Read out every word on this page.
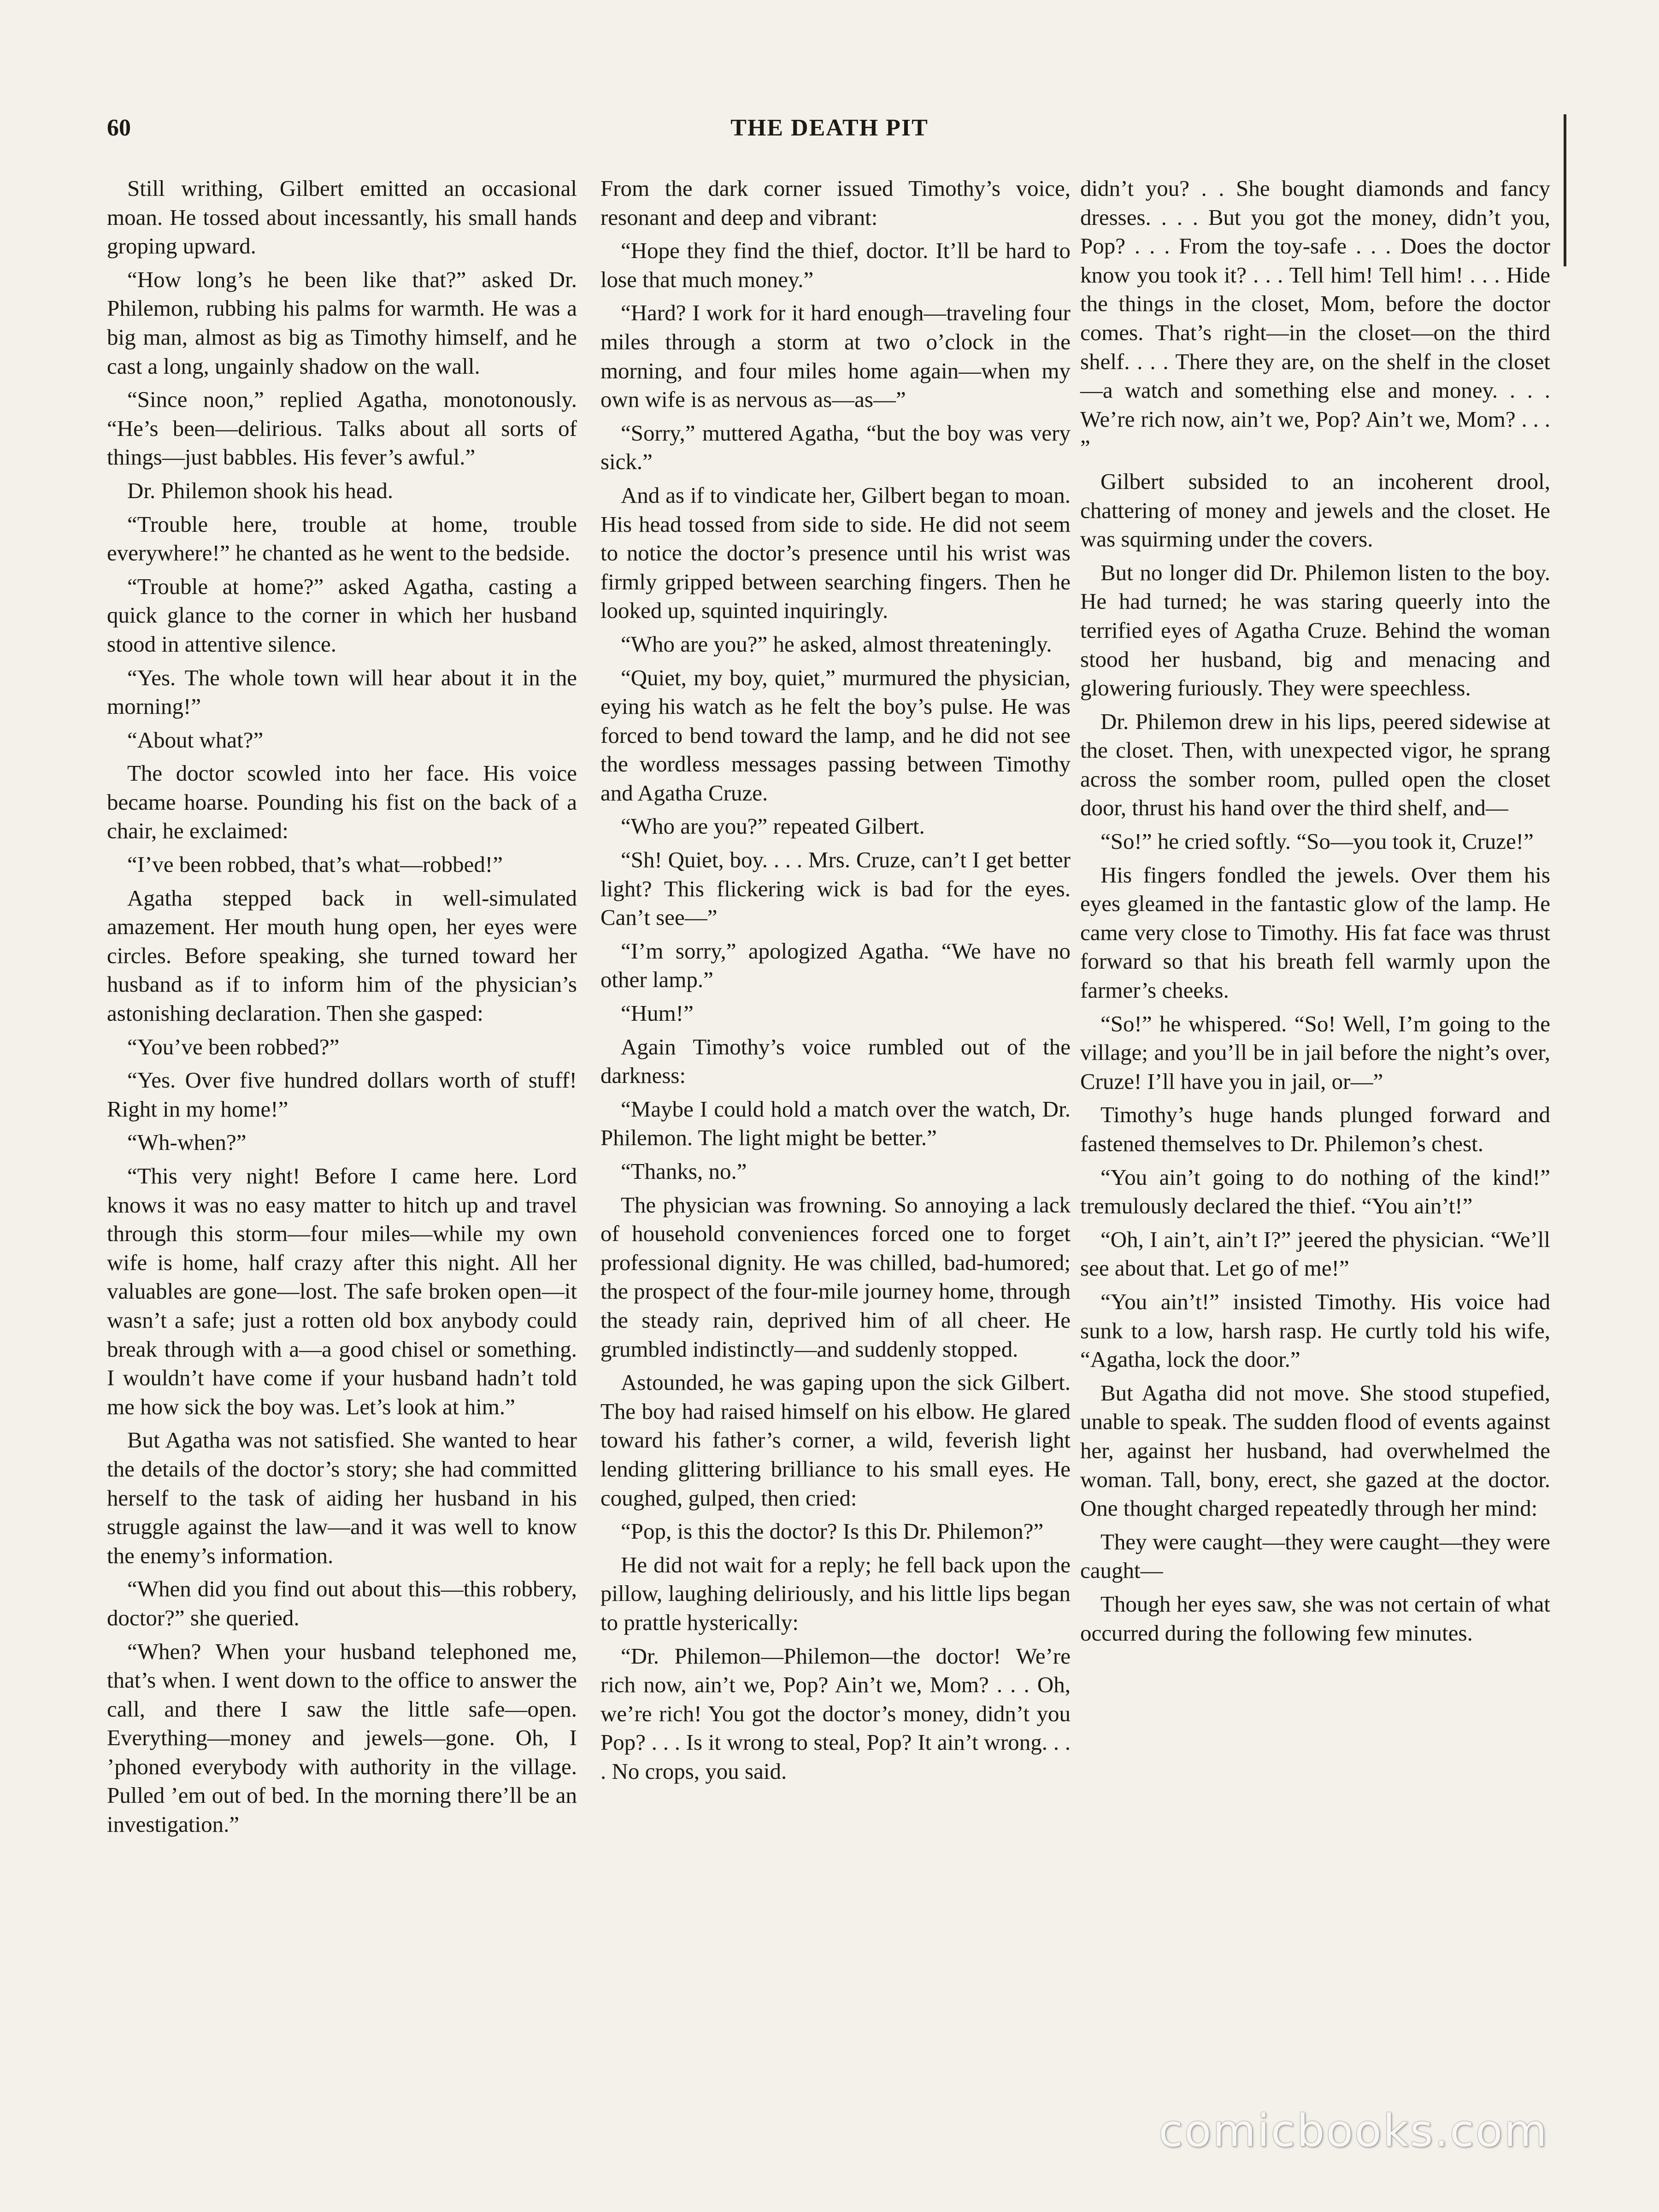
60	THE DEATH PIT

Still writhing, Gilbert emitted an occasional moan. He tossed about incessantly, his small hands groping upward.

“How long’s he been like that?” asked Dr. Philemon, rubbing his palms for warmth. He was a big man, almost as big as Timothy himself, and he cast a long, ungainly shadow on the wall.

“Since noon,” replied Agatha, monotonously. “He’s been—delirious. Talks about all sorts of things—just babbles. His fever’s awful.”

Dr. Philemon shook his head.

“Trouble here, trouble at home, trouble everywhere!” he chanted as he went to the bedside.

“Trouble at home?” asked Agatha, casting a quick glance to the corner in which her husband stood in attentive silence.

“Yes. The whole town will hear about it in the morning!”

“About what?”

The doctor scowled into her face. His voice became hoarse. Pounding his fist on the back of a chair, he exclaimed:

“I’ve been robbed, that’s what—robbed!”

Agatha stepped back in well-simulated amazement. Her mouth hung open, her eyes were circles. Before speaking, she turned toward her husband as if to inform him of the physician’s astonishing declaration. Then she gasped:

“You’ve been robbed?”

“Yes. Over five hundred dollars worth of stuff! Right in my home!”

“Wh-when?”

“This very night! Before I came here. Lord knows it was no easy matter to hitch up and travel through this storm—four miles—while my own wife is home, half crazy after this night. All her valuables are gone—lost. The safe broken open—it wasn’t a safe; just a rotten old box anybody could break through with a—a good chisel or something. I wouldn’t have come if your husband hadn’t told me how sick the boy was. Let’s look at him.”

But Agatha was not satisfied. She wanted to hear the details of the doctor’s story; she had committed herself to the task of aiding her husband in his struggle against the law—and it was well to know the enemy’s information.

“When did you find out about this—this robbery, doctor?” she queried.

“When? When your husband telephoned me, that’s when. I went down to the office to answer the call, and there I saw the little safe—open. Everything—money and jewels—gone. Oh, I ’phoned everybody with authority in the village. Pulled ’em out of bed. In the morning there’ll be an investigation.”

From the dark corner issued Timothy’s voice, resonant and deep and vibrant:

“Hope they find the thief, doctor. It’ll be hard to lose that much money.”

“Hard? I work for it hard enough—traveling four miles through a storm at two o’clock in the morning, and four miles home again—when my own wife is as nervous as—as—”

“Sorry,” muttered Agatha, “but the boy was very sick.”

And as if to vindicate her, Gilbert began to moan. His head tossed from side to side. He did not seem to notice the doctor’s presence until his wrist was firmly gripped between searching fingers. Then he looked up, squinted inquiringly.

“Who are you?” he asked, almost threateningly.

“Quiet, my boy, quiet,” murmured the physician, eying his watch as he felt the boy’s pulse. He was forced to bend toward the lamp, and he did not see the wordless messages passing between Timothy and Agatha Cruze.

“Who are you?” repeated Gilbert.

“Sh! Quiet, boy. . . . Mrs. Cruze, can’t I get better light? This flickering wick is bad for the eyes. Can’t see—”

“I’m sorry,” apologized Agatha. “We have no other lamp.”

“Hum!”

Again Timothy’s voice rumbled out of the darkness:

“Maybe I could hold a match over the watch, Dr. Philemon. The light might be better.”

“Thanks, no.”

The physician was frowning. So annoying a lack of household conveniences forced one to forget professional dignity. He was chilled, bad-humored; the prospect of the four-mile journey home, through the steady rain, deprived him of all cheer. He grumbled indistinctly—and suddenly stopped.

Astounded, he was gaping upon the sick Gilbert. The boy had raised himself on his elbow. He glared toward his father’s corner, a wild, feverish light lending glittering brilliance to his small eyes. He coughed, gulped, then cried:

“Pop, is this the doctor? Is this Dr. Philemon?”

He did not wait for a reply; he fell back upon the pillow, laughing deliriously, and his little lips began to prattle hysterically:

“Dr. Philemon—Philemon—the doctor! We’re rich now, ain’t we, Pop? Ain’t we, Mom? . . . Oh, we’re rich! You got the doctor’s money, didn’t you Pop? . . . Is it wrong to steal, Pop? It ain’t wrong. . . . No crops, you said.

didn’t you? . . She bought diamonds and fancy dresses. . . . But you got the money, didn’t you, Pop? . . . From the toy-safe . . . Does the doctor know you took it? . . . Tell him! Tell him! . . . Hide the things in the closet, Mom, before the doctor comes. That’s right—in the closet—on the third shelf. . . . There they are, on the shelf in the closet—a watch and something else and money. . . . We’re rich now, ain’t we, Pop? Ain’t we, Mom? . . . ”

Gilbert subsided to an incoherent drool, chattering of money and jewels and the closet. He was squirming under the covers.

But no longer did Dr. Philemon listen to the boy. He had turned; he was staring queerly into the terrified eyes of Agatha Cruze. Behind the woman stood her husband, big and menacing and glowering furiously. They were speechless.

Dr. Philemon drew in his lips, peered sidewise at the closet. Then, with unexpected vigor, he sprang across the somber room, pulled open the closet door, thrust his hand over the third shelf, and—

“So!” he cried softly. “So—you took it, Cruze!”

His fingers fondled the jewels. Over them his eyes gleamed in the fantastic glow of the lamp. He came very close to Timothy. His fat face was thrust forward so that his breath fell warmly upon the farmer’s cheeks.

“So!” he whispered. “So! Well, I’m going to the village; and you’ll be in jail before the night’s over, Cruze! I’ll have you in jail, or—”

Timothy’s huge hands plunged forward and fastened themselves to Dr. Philemon’s chest.

“You ain’t going to do nothing of the kind!” tremulously declared the thief. “You ain’t!”

“Oh, I ain’t, ain’t I?” jeered the physician. “We’ll see about that. Let go of me!”

“You ain’t!” insisted Timothy. His voice had sunk to a low, harsh rasp. He curtly told his wife, “Agatha, lock the door.”

But Agatha did not move. She stood stupefied, unable to speak. The sudden flood of events against her, against her husband, had overwhelmed the woman. Tall, bony, erect, she gazed at the doctor. One thought charged repeatedly through her mind:

They were caught—they were caught—they were caught—

Though her eyes saw, she was not certain of what occurred during the following few minutes.

comicbooks.com
